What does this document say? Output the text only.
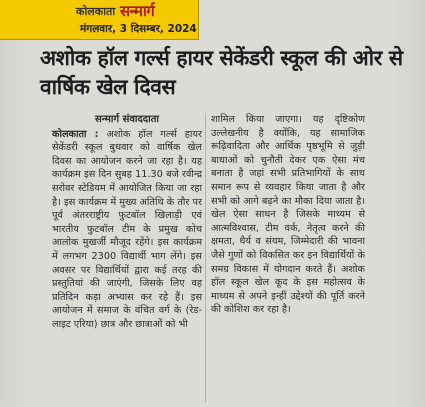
कोलकाता सन्मार्ग
मंगलवार, 3 दिसम्बर, 2024
अशोक हॉल गर्ल्स हायर सेकेंडरी स्कूल की ओर से वार्षिक खेल दिवस
सन्मार्ग संवाददाता

कोलकाता : अशोक हॉल गर्ल्स हायर सेकेंडरी स्कूल बुधवार को वार्षिक खेल दिवस का आयोजन करने जा रहा है। यह कार्यक्रम इस दिन सुबह 11.30 बजे रवीन्द्र सरोवर स्टेडियम में आयोजित किया जा रहा है। इस कार्यक्रम में मुख्य अतिथि के तौर पर पूर्व अंतरराष्ट्रीय फुटबॉल खिलाड़ी एवं भारतीय फुटबॉल टीम के प्रमुख कोच आलोक मुखर्जी मौजूद रहेंगे। इस कार्यक्रम में लगभग 2300 विद्यार्थी भाग लेंगे। इस अवसर पर विद्यार्थियों द्वारा कई तरह की प्रस्तुतियां की जाएंगी, जिसके लिए वह प्रतिदिन कड़ा अभ्यास कर रहे हैं। इस आयोजन में समाज के वंचित वर्ग के (रेड-लाइट एरिया) छात्र और छात्राओं को भी

शामिल किया जाएगा। यह दृष्टिकोण उल्लेखनीय है क्योंकि, यह सामाजिक रूढ़िवादिता और आर्थिक पृष्ठभूमि से जुड़ी बाधाओं को चुनौती देकर एक ऐसा मंच बनाता है जहां सभी प्रतिभागियों के साथ समान रूप से व्यवहार किया जाता है और सभी को आगे बढ़ने का मौका दिया जाता है। खेल ऐसा साधन है जिसके माध्यम से आत्मविश्वास, टीम वर्क, नेतृत्व करने की क्षमता, धैर्य व संयम, जिम्मेदारी की भावना जैसे गुणों को विकसित कर इन विद्यार्थियों के समग्र विकास में योगदान करते हैं। अशोक हॉल स्कूल खेल कूद के इस महोत्सव के माध्यम से अपने इन्हीं उद्देश्यों की पूर्ति करने की कोशिश कर रहा है।
